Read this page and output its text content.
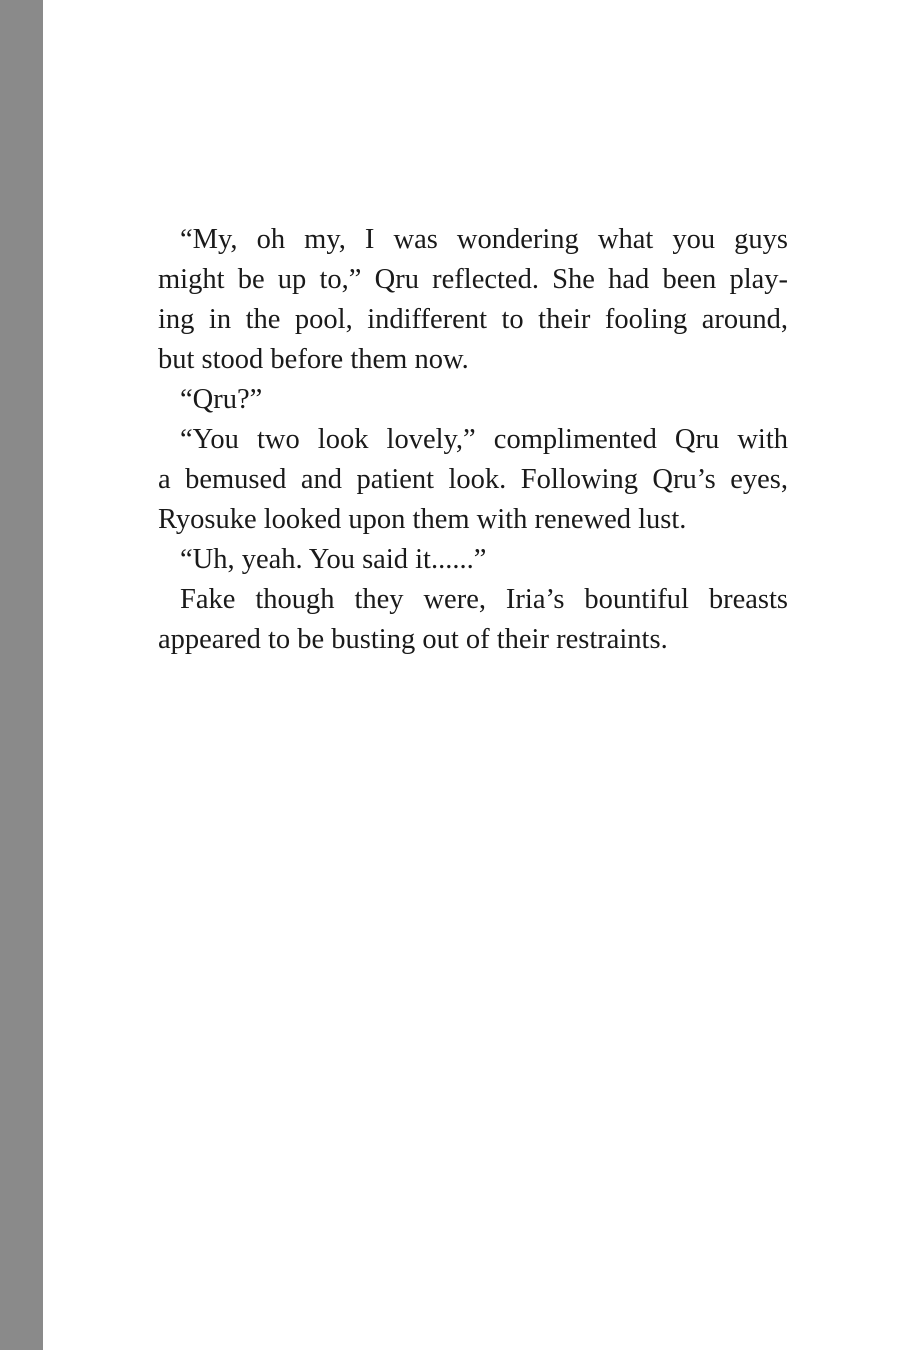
“My, oh my, I was wondering what you guys
might be up to,” Qru reflected. She had been play-
ing in the pool, indifferent to their fooling around,
but stood before them now.
“Qru?”
“You two look lovely,” complimented Qru with
a bemused and patient look. Following Qru’s eyes,
Ryosuke looked upon them with renewed lust.
“Uh, yeah. You said it......”
Fake though they were, Iria’s bountiful breasts
appeared to be busting out of their restraints.
